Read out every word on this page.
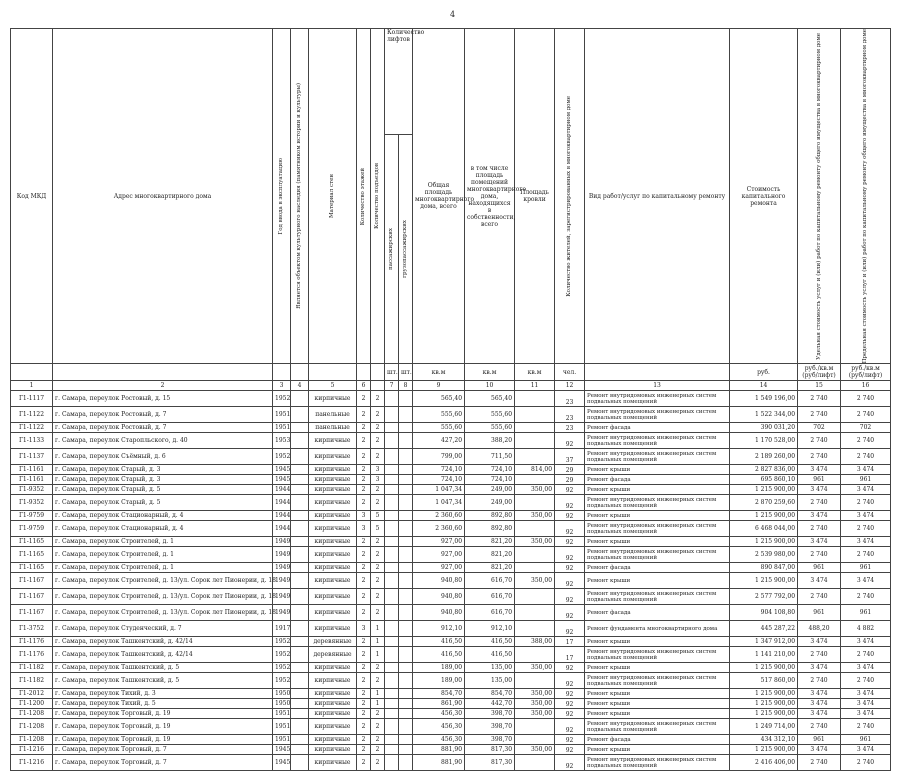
4
Код МКД	Адрес многоквартирного дома	Год ввода в эксплуатацию	Является объектом культурного наследия (памятником истории и культуры)	Материал стен	Количество этажей	Количество подъездов	Количество лифтов		Общая площадь многоквартирного дома, всего	в том числе площадь помещений многоквартирного дома, находящихся в собственности, всего	Площадь кровли	Количество жителей, зарегистрированных в многоквартирном доме	Вид работ/услуг по капитальному ремонту	Стоимость капитального ремонта	Удельная стоимость услуг и (или) работ по капитальному ремонту общего имущества в многоквартирном доме	Предельная стоимость услуг и (или) работ по капитальному ремонту общего имущества в многоквартирном доме

							пассажирских	грузопассажирских								

							шт.	шт.	кв.м	кв.м	кв.м	чел.		руб.	руб./кв.м (руб/лифт)	руб./кв.м (руб/лифт)
1	2	3	4	5	6		7	8	9	10	11	12	13	14	15	16
Г1-1117	г. Самара, переулок Ростовый, д. 15	1952		кирпичные	2	2			565,40	565,40		23	Ремонт внутридомовых инженерных систем подвальных помещений	1 549 196,00	2 740	2 740
Г1-1122	г. Самара, переулок Ростовый, д. 7	1951		панельные	2	2			555,60	555,60		23	Ремонт внутридомовых инженерных систем подвальных помещений	1 522 344,00	2 740	2 740
Г1-1122	г. Самара, переулок Ростовый, д. 7	1951		панельные	2	2			555,60	555,60		23	Ремонт фасада	390 031,20	702	702
Г1-1133	г. Самара, переулок Старопльского, д. 40	1953		кирпичные	2	2			427,20	388,20		92	Ремонт внутридомовых инженерных систем подвальных помещений	1 170 528,00	2 740	2 740
Г1-1137	г. Самара, переулок Съёмный, д. 6	1952		кирпичные	2	2			799,00	711,50		37	Ремонт внутридомовых инженерных систем подвальных помещений	2 189 260,00	2 740	2 740
Г1-1161	г. Самара, переулок Старый, д. 3	1945		кирпичные	2	3			724,10	724,10	814,00	29	Ремонт крыши	2 827 836,00	3 474	3 474
Г1-1161	г. Самара, переулок Старый, д. 3	1945		кирпичные	2	3			724,10	724,10		29	Ремонт фасада	695 860,10	961	961
Г1-9352	г. Самара, переулок Старый, д. 5	1944		кирпичные	2	2			1 047,34	249,00	350,00	92	Ремонт крыши	1 215 900,00	3 474	3 474
Г1-9352	г. Самара, переулок Старый, д. 5	1944		кирпичные	2	2			1 047,34	249,00		92	Ремонт внутридомовых инженерных систем подвальных помещений	2 870 259,60	2 740	2 740
Г1-9759	г. Самара, переулок Стационарный, д. 4	1944		кирпичные	3	5			2 360,60	892,80	350,00	92	Ремонт крыши	1 215 900,00	3 474	3 474
Г1-9759	г. Самара, переулок Стационарный, д. 4	1944		кирпичные	3	5			2 360,60	892,80		92	Ремонт внутридомовых инженерных систем подвальных помещений	6 468 044,00	2 740	2 740
Г1-1165	г. Самара, переулок Строителей, д. 1	1949		кирпичные	2	2			927,00	821,20	350,00	92	Ремонт крыши	1 215 900,00	3 474	3 474
Г1-1165	г. Самара, переулок Строителей, д. 1	1949		кирпичные	2	2			927,00	821,20		92	Ремонт внутридомовых инженерных систем подвальных помещений	2 539 980,00	2 740	2 740
Г1-1165	г. Самара, переулок Строителей, д. 1	1949		кирпичные	2	2			927,00	821,20		92	Ремонт фасада	890 847,00	961	961
Г1-1167	г. Самара, переулок Строителей, д. 13/ул. Сорок лет Пионерии, д. 18	1949		кирпичные	2	2			940,80	616,70	350,00	92	Ремонт крыши	1 215 900,00	3 474	3 474
Г1-1167	г. Самара, переулок Строителей, д. 13/ул. Сорок лет Пионерии, д. 18	1949		кирпичные	2	2			940,80	616,70		92	Ремонт внутридомовых инженерных систем подвальных помещений	2 577 792,00	2 740	2 740
Г1-1167	г. Самара, переулок Строителей, д. 13/ул. Сорок лет Пионерии, д. 18	1949		кирпичные	2	2			940,80	616,70		92	Ремонт фасада	904 108,80	961	961
Г1-3752	г. Самара, переулок Студенческий, д. 7	1917		кирпичные	3	1			912,10	912,10		92	Ремонт фундамента многоквартирного дома	445 287,22	488,20	4 882
Г1-1176	г. Самара, переулок Ташкентский, д. 42/14	1952		деревянные	2	1			416,50	416,50	388,00	17	Ремонт крыши	1 347 912,00	3 474	3 474
Г1-1176	г. Самара, переулок Ташкентский, д. 42/14	1952		деревянные	2	1			416,50	416,50		17	Ремонт внутридомовых инженерных систем подвальных помещений	1 141 210,00	2 740	2 740
Г1-1182	г. Самара, переулок Ташкентский, д. 5	1952		кирпичные	2	2			189,00	135,00	350,00	92	Ремонт крыши	1 215 900,00	3 474	3 474
Г1-1182	г. Самара, переулок Ташкентский, д. 5	1952		кирпичные	2	2			189,00	135,00		92	Ремонт внутридомовых инженерных систем подвальных помещений	517 860,00	2 740	2 740
Г1-2012	г. Самара, переулок Тихий, д. 3	1950		кирпичные	2	1			854,70	854,70	350,00	92	Ремонт крыши	1 215 900,00	3 474	3 474
Г1-1200	г. Самара, переулок Тихий, д. 5	1950		кирпичные	2	1			861,90	442,70	350,00	92	Ремонт крыши	1 215 900,00	3 474	3 474
Г1-1208	г. Самара, переулок Торговый, д. 19	1951		кирпичные	2	2			456,30	398,70	350,00	92	Ремонт крыши	1 215 900,00	3 474	3 474
Г1-1208	г. Самара, переулок Торговый, д. 19	1951		кирпичные	2	2			456,30	398,70		92	Ремонт внутридомовых инженерных систем подвальных помещений	1 249 714,00	2 740	2 740
Г1-1208	г. Самара, переулок Торговый, д. 19	1951		кирпичные	2	2			456,30	398,70		92	Ремонт фасада	434 312,10	961	961
Г1-1216	г. Самара, переулок Торговый, д. 7	1945		кирпичные	2	2			881,90	817,30	350,00	92	Ремонт крыши	1 215 900,00	3 474	3 474
Г1-1216	г. Самара, переулок Торговый, д. 7	1945		кирпичные	2	2			881,90	817,30		92	Ремонт внутридомовых инженерных систем подвальных помещений	2 416 406,00	2 740	2 740
